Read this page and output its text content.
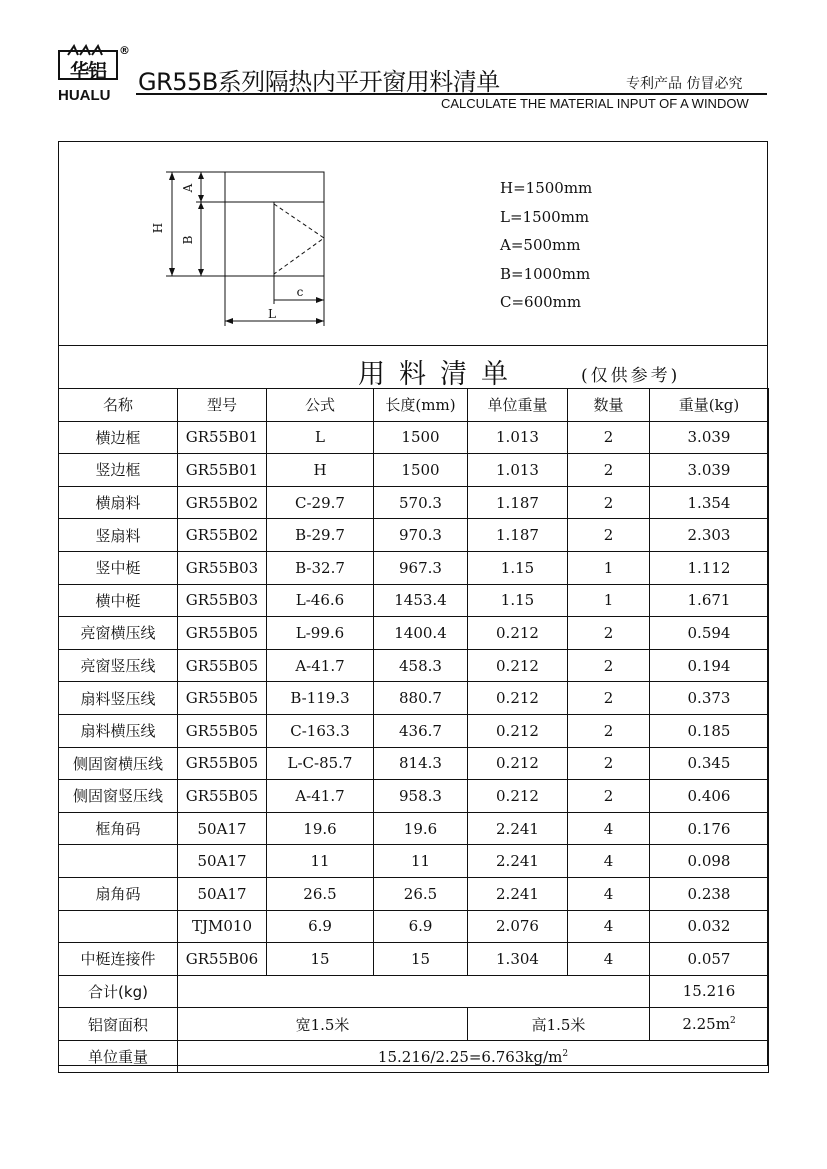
华铝
®
HUALU GR55B系列隔热内平开窗用料清单	专利产品 仿冒必究
CALCULATE THE MATERIAL INPUT OF A WINDOW
H
A
B
L
c
H=1500mm
L=1500mm
A=500mm
B=1000mm
C=600mm
用料清单	(仅供参考)
名称	型号	公式	长度(mm)	单位重量	数量	重量(kg)
横边框	GR55B01	L	1500	1.013	2	3.039
竖边框	GR55B01	H	1500	1.013	2	3.039
横扇料	GR55B02	C-29.7	570.3	1.187	2	1.354
竖扇料	GR55B02	B-29.7	970.3	1.187	2	2.303
竖中梃	GR55B03	B-32.7	967.3	1.15	1	1.112
横中梃	GR55B03	L-46.6	1453.4	1.15	1	1.671
亮窗横压线	GR55B05	L-99.6	1400.4	0.212	2	0.594
亮窗竖压线	GR55B05	A-41.7	458.3	0.212	2	0.194
扇料竖压线	GR55B05	B-119.3	880.7	0.212	2	0.373
扇料横压线	GR55B05	C-163.3	436.7	0.212	2	0.185
侧固窗横压线	GR55B05	L-C-85.7	814.3	0.212	2	0.345
侧固窗竖压线	GR55B05	A-41.7	958.3	0.212	2	0.406
框角码	50A17	19.6	19.6	2.241	4	0.176
	50A17	11	11	2.241	4	0.098
扇角码	50A17	26.5	26.5	2.241	4	0.238
	TJM010	6.9	6.9	2.076	4	0.032
中梃连接件	GR55B06	15	15	1.304	4	0.057
合计(kg)						15.216
铝窗面积	宽1.5米			高1.5米		$2.25m^2$
单位重量	$15.216/2.25=6.763kg/m^2$
